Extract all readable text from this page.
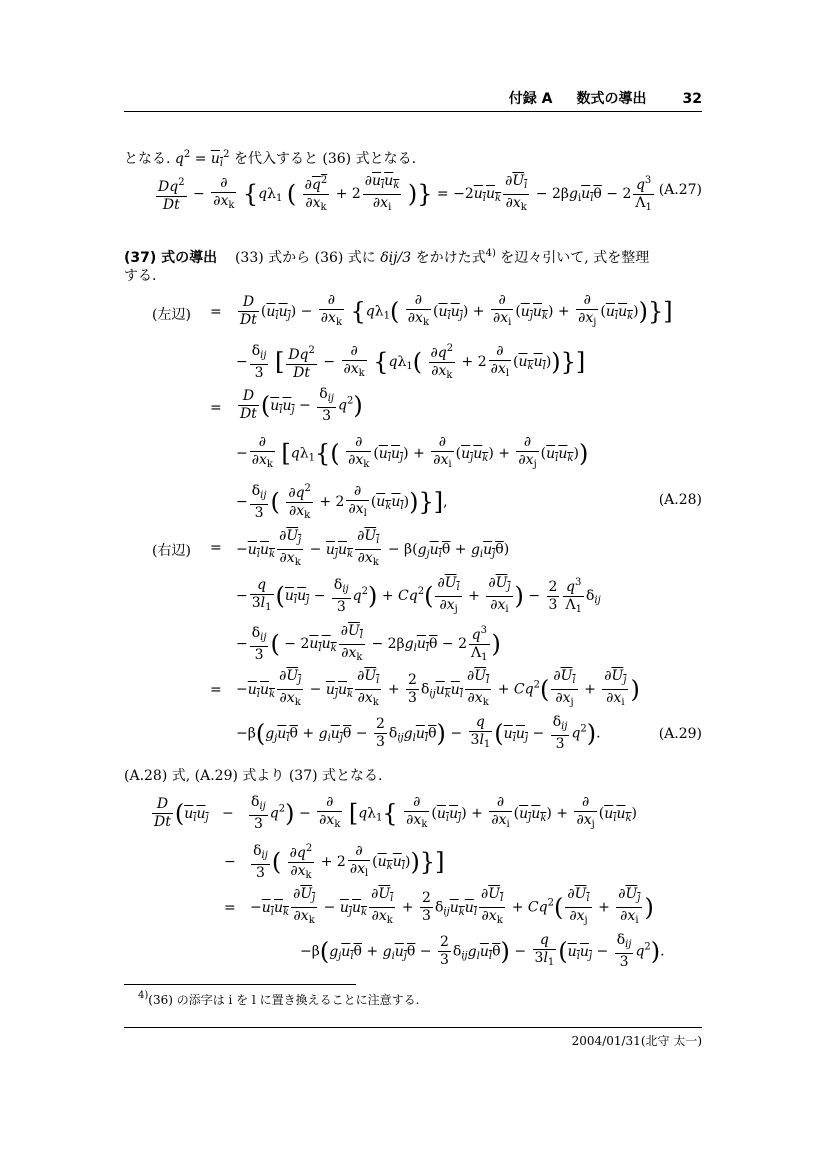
付録 A 数式の導出	32
となる. $q^2 = u_i^2$ を代入すると (36) 式となる.
$\frac{Dq^2}{Dt} - \frac{\partial}{\partial x_k} \{q\lambda_1$ ( $\frac{\partial q^2}{\partial x_k} + 2 \frac{\partial u_iu_k}{\partial x_i}$ )} = $-2u_iu_k \frac{\partial U_i}{\partial x_k} - 2\beta g_iu_i\theta - 2 \frac{q^3}{\Lambda_1} (A.27)$
(37) 式の導出 (33) 式から (36) 式に δij/3 をかけた式$^{4)}$ を辺々引いて, 式を整理
する.
(左辺) = $\frac{D}{Dt} (u_iu_j) - \frac{\partial}{\partial x_k} \{q\lambda_1( \frac{\partial}{\partial x_k} (u_iu_j) + \frac{\partial}{\partial x_i} (u_ju_k) + \frac{\partial}{\partial x_j} (u_iu_k))\}$]
− $\frac{\delta_{ij}}{3}$ [ $\frac{Dq^2}{Dt} - \frac{\partial}{\partial x_k} \{q\lambda_1( \frac{\partial q^2}{\partial x_k} + 2 \frac{\partial}{\partial x_l} (u_ku_l))\}$]
= $\frac{D}{Dt} (u_iu_j - \frac{\delta_{ij}}{3} q^2)$
− $\frac{\partial}{\partial x_k} [q\lambda_1\{( \frac{\partial}{\partial x_k} (u_iu_j) + \frac{\partial}{\partial x_i} (u_ju_k) + \frac{\partial}{\partial x_j} (u_iu_k))$
− $\frac{\delta_{ij}}{3}$ ( $\frac{\partial q^2}{\partial x_k} + 2 \frac{\partial}{\partial x_l} (u_ku_l)$)}],	(A.28)
(右辺) = $-u_iu_k \frac{\partial U_j}{\partial x_k} - u_ju_k \frac{\partial U_i}{\partial x_k} - \beta(g_ju_i\theta + g_iu_j\theta)$
− $\frac{q}{3l_1} (u_iu_j - \frac{\delta_{ij}}{3} q^2) + Cq^2( \frac{\partial U_i}{\partial x_j} + \frac{\partial U_j}{\partial x_i}$ ) − $\frac{2}{3} \frac{q^3}{\Lambda_1} \delta_{ij}$
− $\frac{\delta_{ij}}{3}$ ( − $2u_lu_k \frac{\partial U_l}{\partial x_k} - 2\beta g_lu_l\theta - 2 \frac{q^3}{\Lambda_1}$ )
= $-u_iu_k \frac{\partial U_j}{\partial x_k} - u_ju_k \frac{\partial U_i}{\partial x_k} + \frac{2}{3} \delta_{ij}u_ku_l \frac{\partial U_l}{\partial x_k} + Cq^2( \frac{\partial U_i}{\partial x_j} + \frac{\partial U_j}{\partial x_i}$ )
$-\beta(g_ju_i\theta + g_iu_j\theta - \frac{2}{3} \delta_{ij}g_lu_l\theta) - \frac{q}{3l_1} (u_iu_j - \frac{\delta_{ij}}{3} q^2)$.	(A.29)
(A.28) 式, (A.29) 式より (37) 式となる.
$\frac{D}{Dt} (u_iu_j - \frac{\delta_{ij}}{3} q^2) - \frac{\partial}{\partial x_k} [q\lambda_1\{ \frac{\partial}{\partial x_k} (u_iu_j) + \frac{\partial}{\partial x_i} (u_ju_k) + \frac{\partial}{\partial x_j} (u_iu_k)$
− $\frac{\delta_{ij}}{3}$ ( $\frac{\partial q^2}{\partial x_k} + 2 \frac{\partial}{\partial x_l} (u_ku_l)$)}]
= $-u_iu_k \frac{\partial U_j}{\partial x_k} - u_ju_k \frac{\partial U_i}{\partial x_k} + \frac{2}{3} \delta_{ij}u_ku_l \frac{\partial U_l}{\partial x_k} + Cq^2( \frac{\partial U_i}{\partial x_j} + \frac{\partial U_j}{\partial x_i}$ )
$-\beta(g_ju_i\theta + g_iu_j\theta - \frac{2}{3} \delta_{ij}g_lu_l\theta) - \frac{q}{3l_1} (u_iu_j - \frac{\delta_{ij}}{3} q^2)$.
$^{4)}$(36) の添字は i を l に置き換えることに注意する.
2004/01/31(北守 太一)
